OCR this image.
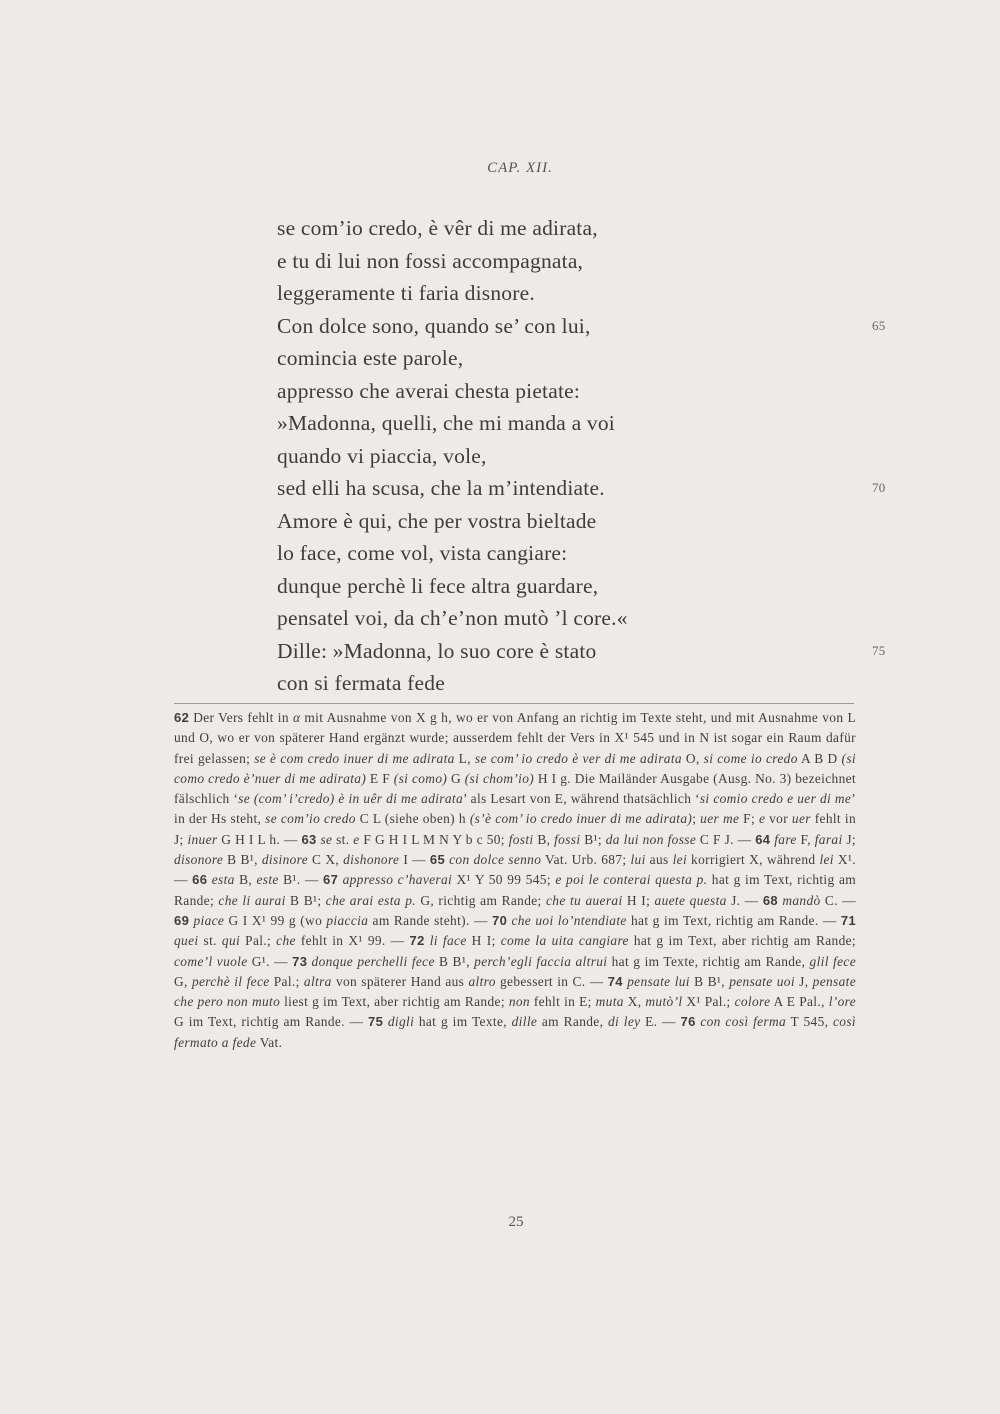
CAP. XII.
se com’io credo, è vêr di me adirata,
e tu di lui non fossi accompagnata,
leggeramente ti faria disnore.
Con dolce sono, quando se’ con lui,	65
comincia este parole,
appresso che averai chesta pietate:
»Madonna, quelli, che mi manda a voi
quando vi piaccia, vole,
sed elli ha scusa, che la m’intendiate.	70
Amore è qui, che per vostra bieltade
lo face, come vol, vista cangiare:
dunque perchè li fece altra guardare,
pensatel voi, da ch’e’non mutò ’l core.«
Dille: »Madonna, lo suo core è stato	75
con si fermata fede
62 Der Vers fehlt in α mit Ausnahme von X g h, wo er von Anfang an richtig im Texte steht, und mit Ausnahme von L und O, wo er von späterer Hand ergänzt wurde; ausserdem fehlt der Vers in X¹ 545 und in N ist sogar ein Raum dafür frei gelassen; se è com credo inuer di me adirata L, se com’ io credo è ver di me adirata O, si come io credo A B D (si como credo è’nuer di me adirata) E F (si como) G (si chom’io) H I g. Die Mailänder Ausgabe (Ausg. No. 3) bezeichnet fälschlich ‘se (com’ i’credo) è in uêr di me adirata’ als Lesart von E, während thatsächlich ‘si comio credo e uer di me’ in der Hs steht, se com’io credo C L (siehe oben) h (s’è com’ io credo inuer di me adirata); uer me F; e vor uer fehlt in J; inuer G H I L h. — 63 se st. e F G H I L M N Y b c 50; fosti B, fossi B¹; da lui non fosse C F J. — 64 fare F, farai J; disonore B B¹, disinore C X, dishonore I — 65 con dolce senno Vat. Urb. 687; lui aus lei korrigiert X, während lei X¹. — 66 esta B, este B¹. — 67 appresso c’haverai X¹ Y 50 99 545; e poi le conterai questa p. hat g im Text, richtig am Rande; che li aurai B B¹; che arai esta p. G, richtig am Rande; che tu auerai H I; auete questa J. — 68 mandò C. — 69 piace G I X¹ 99 g (wo piaccia am Rande steht). — 70 che uoi lo’ntendiate hat g im Text, richtig am Rande. — 71 quei st. qui Pal.; che fehlt in X¹ 99. — 72 li face H I; come la uita cangiare hat g im Text, aber richtig am Rande; come’l vuole G¹. — 73 donque perchelli fece B B¹, perch’egli faccia altrui hat g im Texte, richtig am Rande, glil fece G, perchè il fece Pal.; altra von späterer Hand aus altro gebessert in C. — 74 pensate lui B B¹, pensate uoi J, pensate che pero non muto liest g im Text, aber richtig am Rande; non fehlt in E; muta X, mutò’l X¹ Pal.; colore A E Pal., l’ore G im Text, richtig am Rande. — 75 digli hat g im Texte, dille am Rande, di ley E. — 76 con così ferma T 545, così fermato a fede Vat.
25
